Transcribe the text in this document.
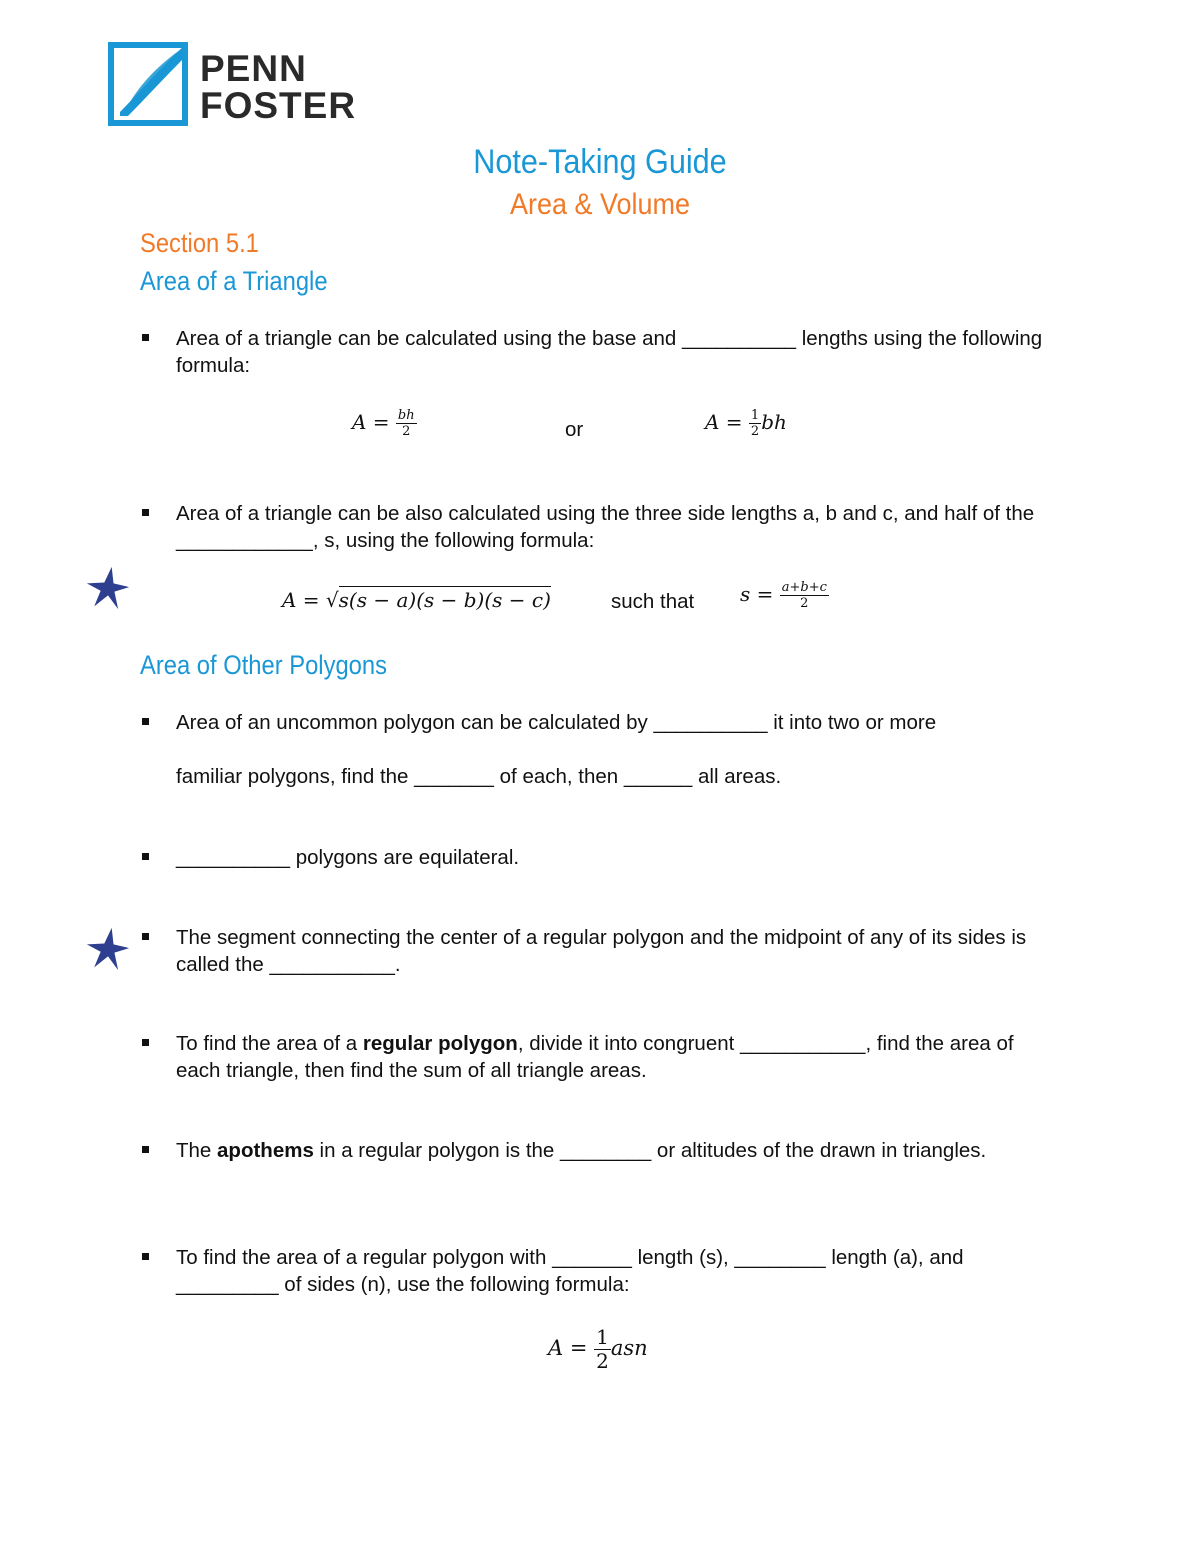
PENN
FOSTER
Note-Taking Guide
Area & Volume
Section 5.1
Area of a Triangle
Area of a triangle can be calculated using the base and __________ lengths using the following formula:
$A = \frac{bh}{2}$	or	$A = \frac{1}{2}$ bh
Area of a triangle can be also calculated using the three side lengths a, b and c, and half of the ____________, s, using the following formula:
A = √s(s − a)(s − b)(s − c)	such that $s = \frac{a+b+c}{2}$
Area of Other Polygons
Area of an uncommon polygon can be calculated by __________ it into two or more
familiar polygons, find the _______ of each, then ______ all areas.
__________ polygons are equilateral.
The segment connecting the center of a regular polygon and the midpoint of any of its sides is called the ___________.
To find the area of a regular polygon, divide it into congruent ___________, find the area of each triangle, then find the sum of all triangle areas.
The apothems in a regular polygon is the ________ or altitudes of the drawn in triangles.
To find the area of a regular polygon with _______ length (s), ________ length (a), and _________ of sides (n), use the following formula:
$A = \frac{1}{2}$ asn
